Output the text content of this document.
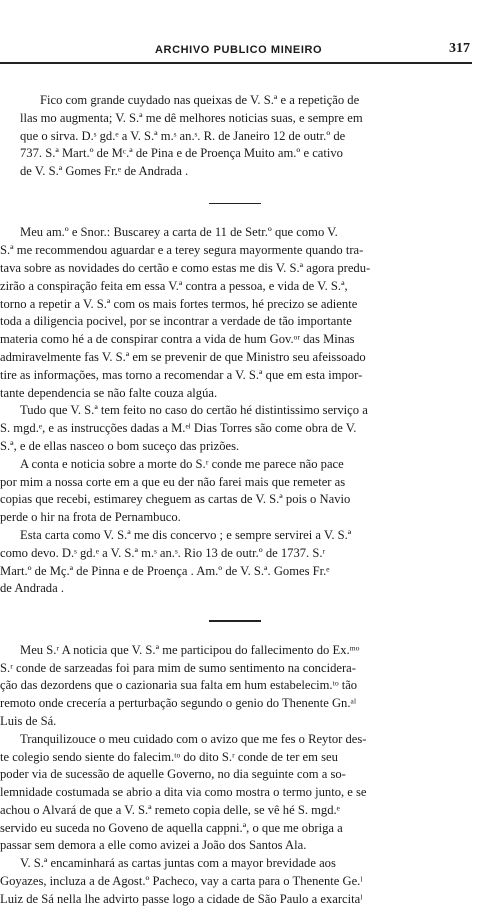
ARCHIVO PUBLICO MINEIRO	317

Fico com grande cuydado nas queixas de V. S.ª e a repetição de
llas mo augmenta; V. S.ª me dê melhores noticias suas, e sempre em
que o sirva. D.ˢ gd.ᵉ a V. S.ª m.ˢ an.ˢ. R. de Janeiro 12 de outr.º de
737. S.ª Mart.º de Mᶜ.ª de Pina e de Proença Muito am.º e cativo
de V. S.ª Gomes Fr.ᵉ de Andrada .

Meu am.º e Snor.: Buscarey a carta de 11 de Setr.º que como V.
S.ª me recommendou aguardar e a terey segura mayormente quando tra-
tava sobre as novidades do certão e como estas me dis V. S.ª agora predu-
zirão a conspiração feita em essa V.ª contra a pessoa, e vida de V. S.ª,
torno a repetir a V. S.ª com os mais fortes termos, hé precizo se adiente
toda a diligencia pocivel, por se incontrar a verdade de tão importante
materia como hé a de conspirar contra a vida de hum Gov.ᵒʳ das Minas
admiravelmente fas V. S.ª em se prevenir de que Ministro seu afeissoado
tire as informações, mas torno a recomendar a V. S.ª que em esta impor-
tante dependencia se não falte couza algúa.
Tudo que V. S.ª tem feito no caso do certão hé distintissimo serviço a
S. mgd.ᵉ, e as instrucções dadas a M.ᵉˡ Dias Torres são come obra de V.
S.ª, e de ellas nasceo o bom suceço das prizões.
A conta e noticia sobre a morte do S.ʳ conde me parece não pace
por mim a nossa corte em a que eu der não farei mais que remeter as
copias que recebi, estimarey cheguem as cartas de V. S.ª pois o Navio
perde o hir na frota de Pernambuco.
Esta carta como V. S.ª me dis concervo ; e sempre servirei a V. S.ª
como devo. D.ˢ gd.ᵉ a V. S.ª m.ˢ an.ˢ. Rio 13 de outr.º de 1737. S.ʳ
Mart.º de Mç.ª de Pinna e de Proença . Am.º de V. S.ª. Gomes Fr.ᵉ
de Andrada .
Meu S.ʳ A noticia que V. S.ª me participou do fallecimento do Ex.ᵐᵒ
S.ʳ conde de sarzeadas foi para mim de sumo sentimento na conciderа-
ção das dezordens que o cazionaria sua falta em hum estabelecim.ᵗᵒ tão
remoto onde crecería a perturbação segundo o genio do Thenente Gn.ᵃˡ
Luis de Sá.
Tranquilizouce o meu cuidado com o avizo que me fes o Reytor des-
te colegio sendo siente do falecim.ᵗᵒ do dito S.ʳ conde de ter em seu
poder via de sucessão de aquelle Governo, no dia seguinte com a so-
lemnidade costumada se abrio a dita via como mostra o termo junto, e se
achou o Alvará de que a V. S.ª remeto copia delle, se vê hé S. mgd.ᵉ
servido eu suceda no Goveno de aquella cappni.ª, o que me obriga a
passar sem demora a elle como avizei a João dos Santos Ala.
V. S.ª encaminhará as cartas juntas com a mayor brevidade aos
Goyazes, incluza a de Agost.º Pacheco, vay a carta para o Thenente Ge.ˡ
Luiz de Sá nella lhe advirto passe logo a cidade de São Paulo a exarcitaˡ
